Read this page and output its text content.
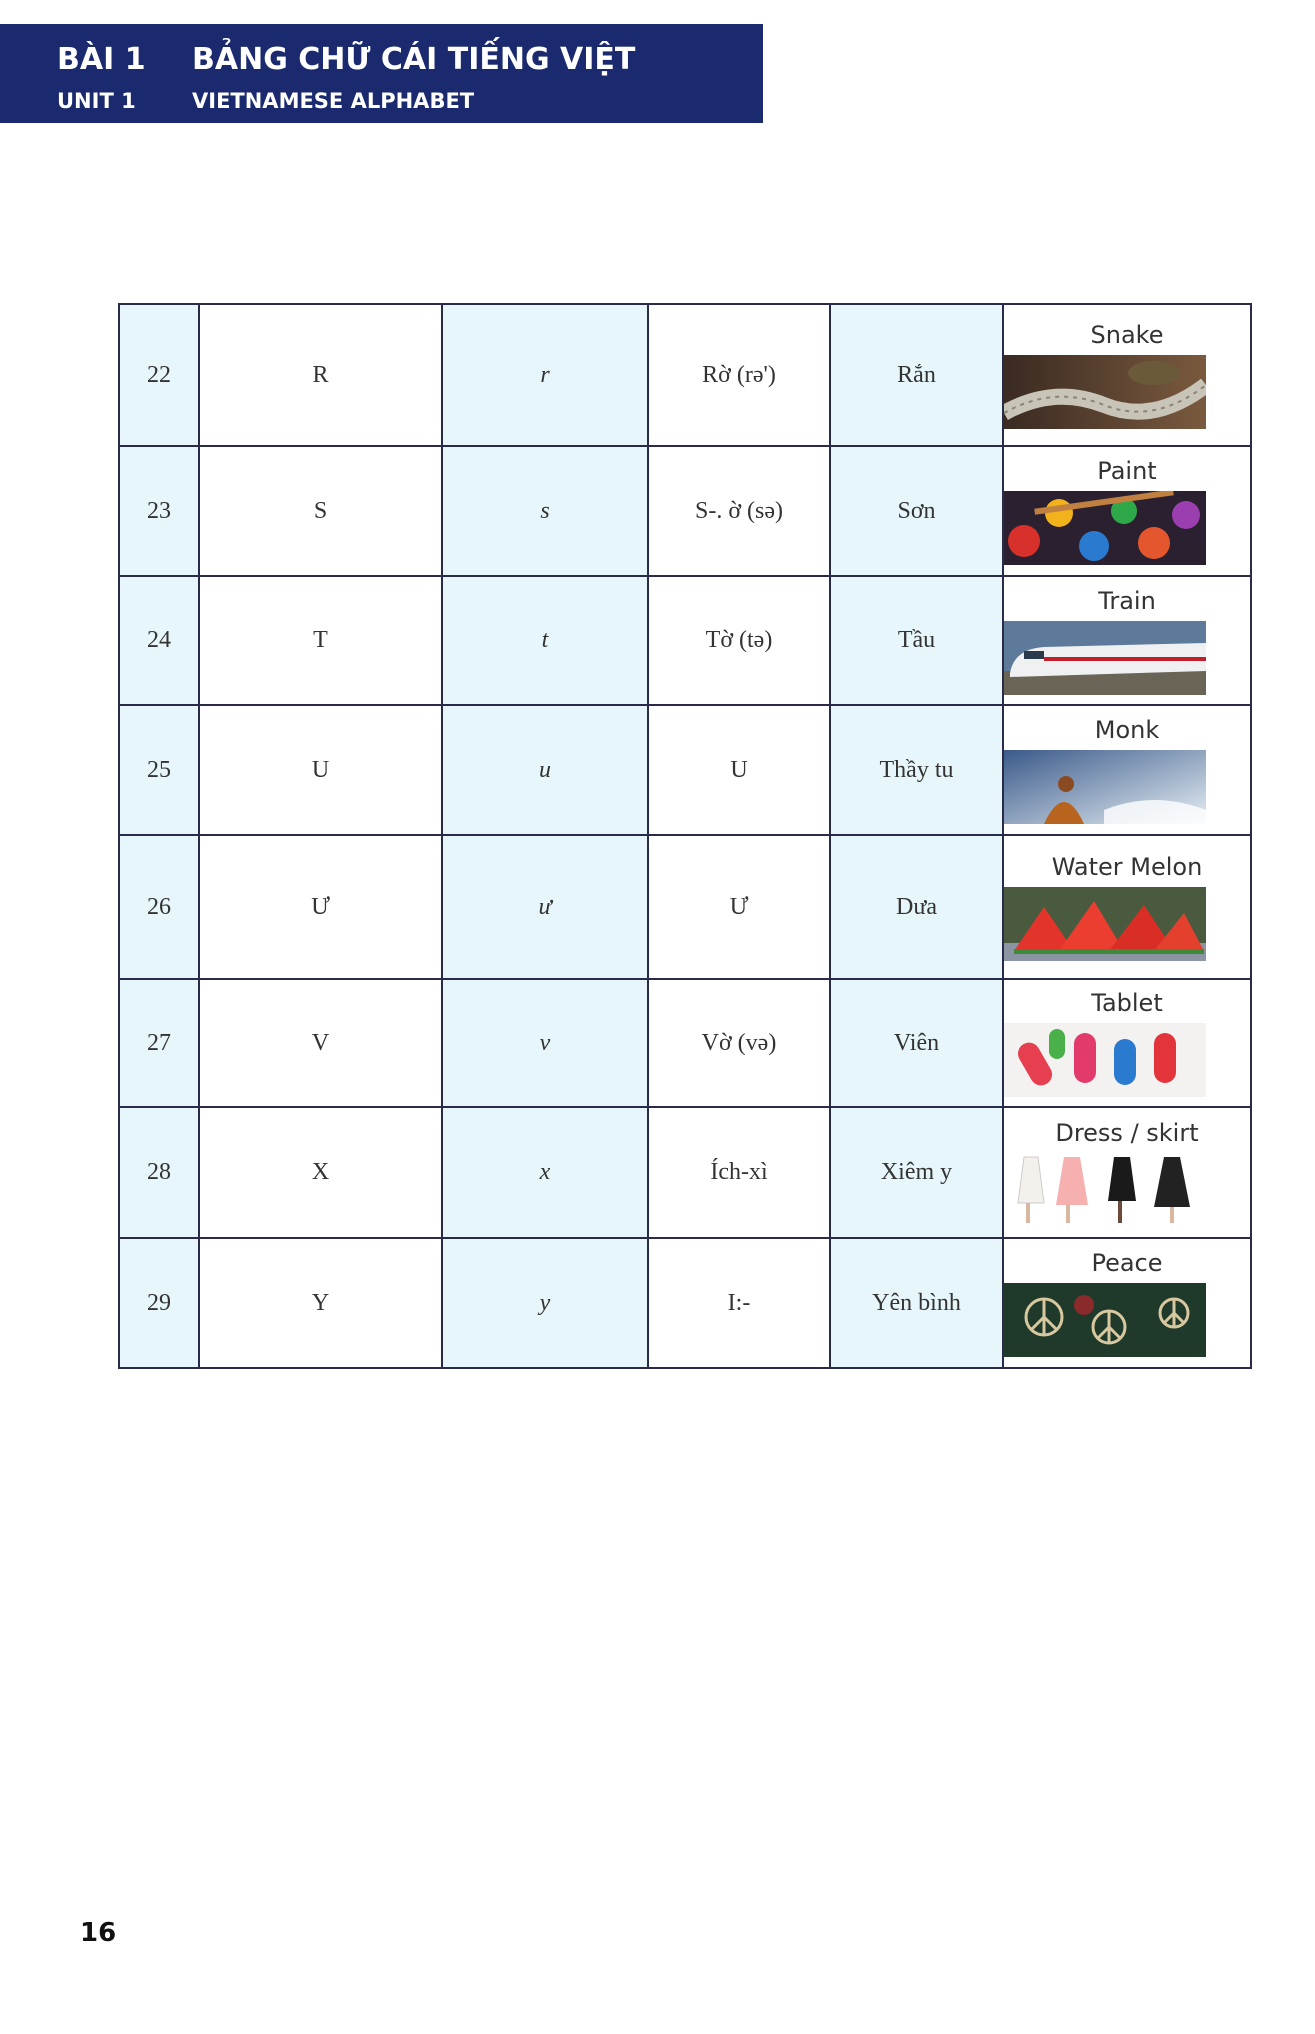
BÀI 1 BẢNG CHỮ CÁI TIẾNG VIỆT
UNIT 1	VIETNAMESE ALPHABET
22	R	r	Rờ (rə')	Rắn	Snake

23	S	s	S-. ờ (sə)	Sơn	Paint

24	T	t	Tờ (tə)	Tầu	Train

25	U	u	U	Thầy tu	Monk

26	Ư	ư	Ư	Dưa	Water Melon

27	V	v	Vờ (və)	Viên	Tablet

28	X	x	Ích-xì	Xiêm y	Dress / skirt

29	Y	y	I:-	Yên bình	Peace
16
